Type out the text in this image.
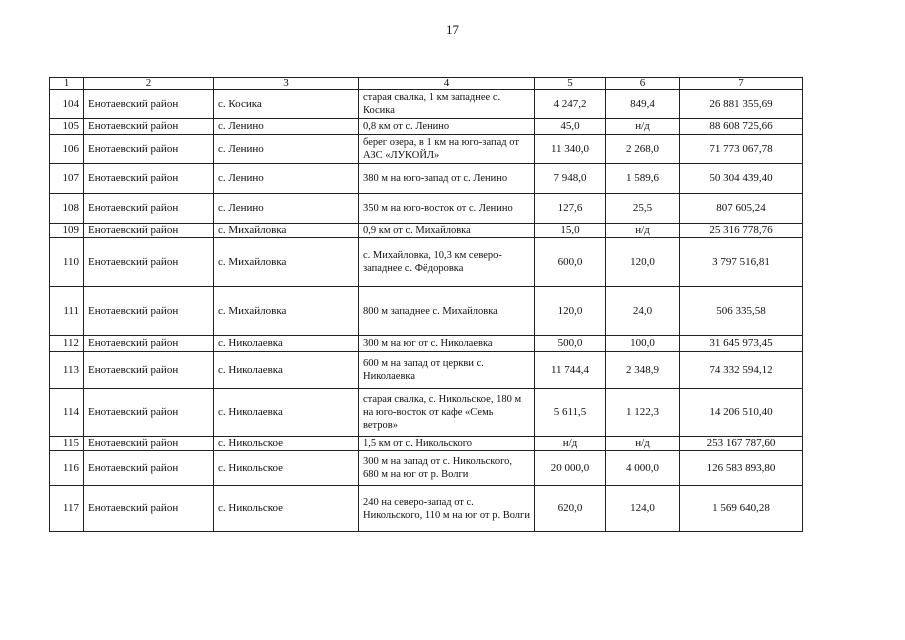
17
1	2	3	4	5	6	7
104	Енотаевский район	с. Косика	старая свалка, 1 км западнее с. Косика	4 247,2	849,4	26 881 355,69
105	Енотаевский район	с. Ленино	0,8 км от с. Ленино	45,0	н/д	88 608 725,66
106	Енотаевский район	с. Ленино	берег озера, в 1 км на юго-запад от АЗС «ЛУКОЙЛ»	11 340,0	2 268,0	71 773 067,78
107	Енотаевский район	с. Ленино	380 м на юго-запад от с. Ленино	7 948,0	1 589,6	50 304 439,40
108	Енотаевский район	с. Ленино	350 м на юго-восток от с. Ленино	127,6	25,5	807 605,24
109	Енотаевский район	с. Михайловка	0,9 км от с. Михайловка	15,0	н/д	25 316 778,76
110	Енотаевский район	с. Михайловка	с. Михайловка, 10,3 км северо-западнее с. Фёдоровка	600,0	120,0	3 797 516,81
111	Енотаевский район	с. Михайловка	800 м западнее с. Михайловка	120,0	24,0	506 335,58
112	Енотаевский район	с. Николаевка	300 м на юг от с. Николаевка	500,0	100,0	31 645 973,45
113	Енотаевский район	с. Николаевка	600 м на запад от церкви с. Николаевка	11 744,4	2 348,9	74 332 594,12
114	Енотаевский район	с. Николаевка	старая свалка, с. Никольское, 180 м на юго-восток от кафе «Семь ветров»	5 611,5	1 122,3	14 206 510,40
115	Енотаевский район	с. Никольское	1,5 км от с. Никольского	н/д	н/д	253 167 787,60
116	Енотаевский район	с. Никольское	300 м на запад от с. Никольского, 680 м на юг от р. Волги	20 000,0	4 000,0	126 583 893,80
117	Енотаевский район	с. Никольское	240 на северо-запад от с. Никольского, 110 м на юг от р. Волги	620,0	124,0	1 569 640,28
